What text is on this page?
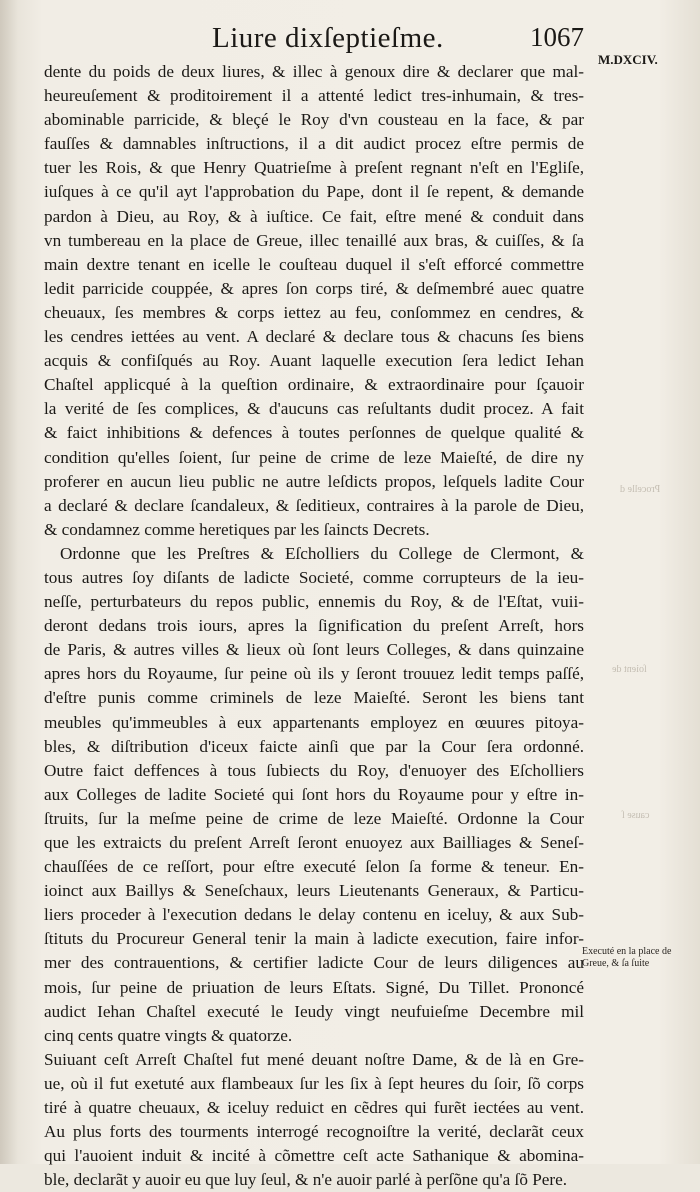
Liure dixſeptieſme.	1067
M.DXCIV.
dente du poids de deux liures, & illec à genoux dire & declarer que mal-
heureuſement & proditoirement il a attenté ledict tres-inhumain, & tres-
abominable parricide, & bleçé le Roy d'vn cousteau en la face, & par
fauſſes & damnables inſtructions, il a dit audict procez eſtre permis de
tuer les Rois, & que Henry Quatrieſme à preſent regnant n'eſt en l'Egliſe,
iuſques à ce qu'il ayt l'approbation du Pape, dont il ſe repent, & demande
pardon à Dieu, au Roy, & à iuſtice. Ce fait, eſtre mené & conduit dans
vn tumbereau en la place de Greue, illec tenaillé aux bras, & cuiſſes, & ſa
main dextre tenant en icelle le couſteau duquel il s'eſt efforcé commettre
ledit parricide couppée, & apres ſon corps tiré, & deſmembré auec quatre
cheuaux, ſes membres & corps iettez au feu, conſommez en cendres, &
les cendres iettées au vent. A declaré & declare tous & chacuns ſes biens
acquis & confiſqués au Roy. Auant laquelle execution ſera ledict Iehan
Chaſtel applicqué à la queſtion ordinaire, & extraordinaire pour ſçauoir
la verité de ſes complices, & d'aucuns cas reſultants dudit procez. A fait
& faict inhibitions & defences à toutes perſonnes de quelque qualité &
condition qu'elles ſoient, ſur peine de crime de leze Maieſté, de dire ny
proferer en aucun lieu public ne autre leſdicts propos, leſquels ladite Cour
a declaré & declare ſcandaleux, & ſeditieux, contraires à la parole de Dieu,
& condamnez comme heretiques par les ſaincts Decrets.
Ordonne que les Preſtres & Eſcholliers du College de Clermont, &
tous autres ſoy diſants de ladicte Societé, comme corrupteurs de la ieu-
neſſe, perturbateurs du repos public, ennemis du Roy, & de l'Eſtat, vuii-
deront dedans trois iours, apres la ſignification du preſent Arreſt, hors
de Paris, & autres villes & lieux où ſont leurs Colleges, & dans quinzaine
apres hors du Royaume, ſur peine où ils y ſeront trouuez ledit temps paſſé,
d'eſtre punis comme criminels de leze Maieſté. Seront les biens tant
meubles qu'immeubles à eux appartenants employez en œuures pitoya-
bles, & diſtribution d'iceux faicte ainſi que par la Cour ſera ordonné.
Outre faict deffences à tous ſubiects du Roy, d'enuoyer des Eſcholliers
aux Colleges de ladite Societé qui ſont hors du Royaume pour y eſtre in-
ſtruits, ſur la meſme peine de crime de leze Maieſté. Ordonne la Cour
que les extraicts du preſent Arreſt ſeront enuoyez aux Bailliages & Seneſ-
chauſſées de ce reſſort, pour eſtre executé ſelon ſa forme & teneur. En-
ioinct aux Baillys & Seneſchaux, leurs Lieutenants Generaux, & Particu-
liers proceder à l'execution dedans le delay contenu en iceluy, & aux Sub-
ſtituts du Procureur General tenir la main à ladicte execution, faire infor-
mer des contrauentions, & certifier ladicte Cour de leurs diligences au
mois, ſur peine de priuation de leurs Eſtats. Signé, Du Tillet. Prononcé
audict Iehan Chaſtel executé le Ieudy vingt neufuieſme Decembre mil
cinq cents quatre vingts & quatorze.
Suiuant ceſt Arreſt Chaſtel fut mené deuant noſtre Dame, & de là en Gre-
ue, où il fut exetuté aux flambeaux ſur les ſix à ſept heures du ſoir, ſõ corps
tiré à quatre cheuaux, & iceluy reduict en cẽdres qui furẽt iectées au vent.
Au plus forts des tourments interrogé recognoiſtre la verité, declarãt ceux
qui l'auoient induit & incité à cõmettre ceſt acte Sathanique & abomina-
ble, declarãt y auoir eu que luy ſeul, & n'e auoir parlé à perſõne qu'a ſõ Pere.
Executé en la place de Greue, & ſa ſuite
Procelle d
ſoient de
cause ſ
